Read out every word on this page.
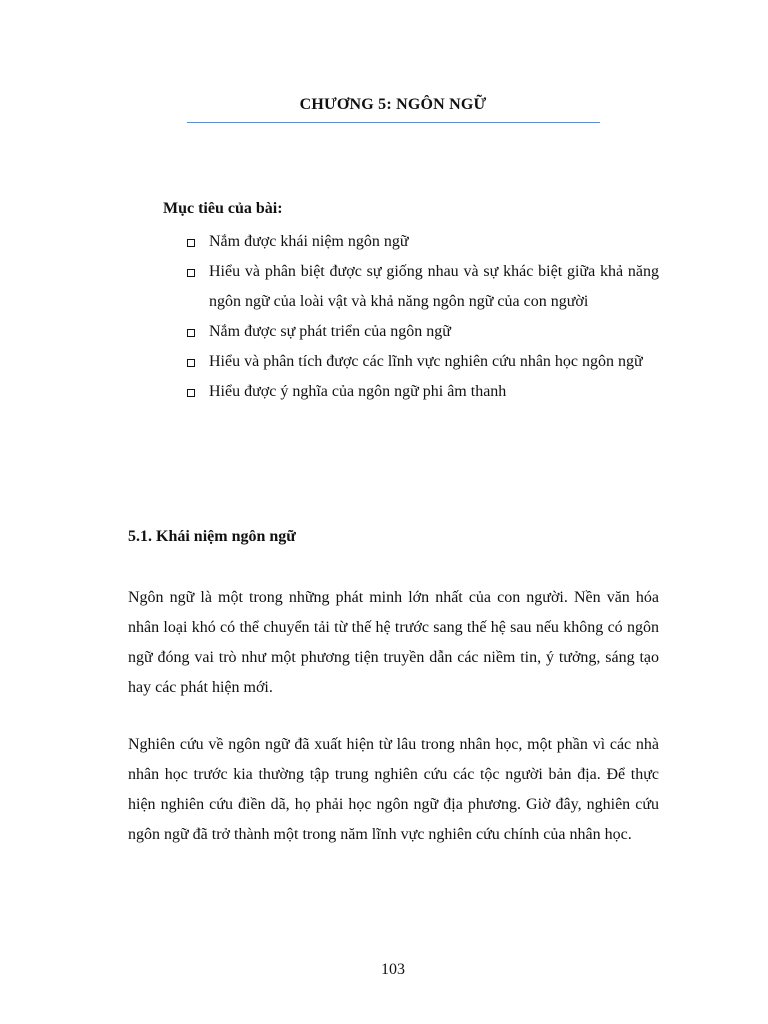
CHƯƠNG 5: NGÔN NGỮ
Mục tiêu của bài:
Nắm được khái niệm ngôn ngữ
Hiểu và phân biệt được sự giống nhau và sự khác biệt giữa khả năng ngôn ngữ của loài vật và khả năng ngôn ngữ của con người
Nắm được sự phát triển của ngôn ngữ
Hiểu và phân tích được các lĩnh vực nghiên cứu nhân học ngôn ngữ
Hiểu được ý nghĩa của ngôn ngữ phi âm thanh
5.1. Khái niệm ngôn ngữ

Ngôn ngữ là một trong những phát minh lớn nhất của con người. Nền văn hóa nhân loại khó có thể chuyển tải từ thế hệ trước sang thế hệ sau nếu không có ngôn ngữ đóng vai trò như một phương tiện truyền dẫn các niềm tin, ý tưởng, sáng tạo hay các phát hiện mới.

Nghiên cứu về ngôn ngữ đã xuất hiện từ lâu trong nhân học, một phần vì các nhà nhân học trước kia thường tập trung nghiên cứu các tộc người bản địa. Để thực hiện nghiên cứu điền dã, họ phải học ngôn ngữ địa phương. Giờ đây, nghiên cứu ngôn ngữ đã trở thành một trong năm lĩnh vực nghiên cứu chính của nhân học.

103
